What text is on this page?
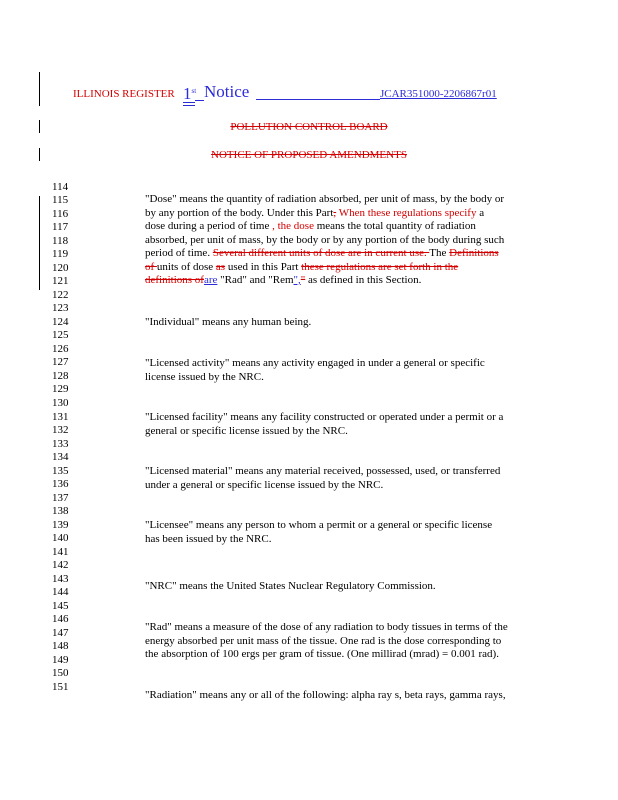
ILLINOIS REGISTER 1st Notice	JCAR351000-2206867r01
POLLUTION CONTROL BOARD
NOTICE OF PROPOSED AMENDMENTS
114
115
116
117
118
119
120
121
122
123
124
125
126
127
128
129
130
131
132
133
134
135
136
137
138
139
140
141
142
143
144
145
146
147
148
149
150
151
"Dose" means the quantity of radiation absorbed, per unit of mass, by the body or
by any portion of the body. Under this Part, When these regulations specify a
dose during a period of time , the dose means the total quantity of radiation
absorbed, per unit of mass, by the body or by any portion of the body during such
period of time. Several different units of dose are in current use. The Definitions
of units of dose as used in this Part these regulations are set forth in the
definitions ofare "Rad" and "Rem"," as defined in this Section.
"Individual" means any human being.
"Licensed activity" means any activity engaged in under a general or specific
license issued by the NRC.
"Licensed facility" means any facility constructed or operated under a permit or a
general or specific license issued by the NRC.
"Licensed material" means any material received, possessed, used, or transferred
under a general or specific license issued by the NRC.
"Licensee" means any person to whom a permit or a general or specific license
has been issued by the NRC.
"NRC" means the United States Nuclear Regulatory Commission.
"Rad" means a measure of the dose of any radiation to body tissues in terms of the
energy absorbed per unit mass of the tissue. One rad is the dose corresponding to
the absorption of 100 ergs per gram of tissue. (One millirad (mrad) = 0.001 rad).
"Radiation" means any or all of the following: alpha ray s, beta rays, gamma rays,
